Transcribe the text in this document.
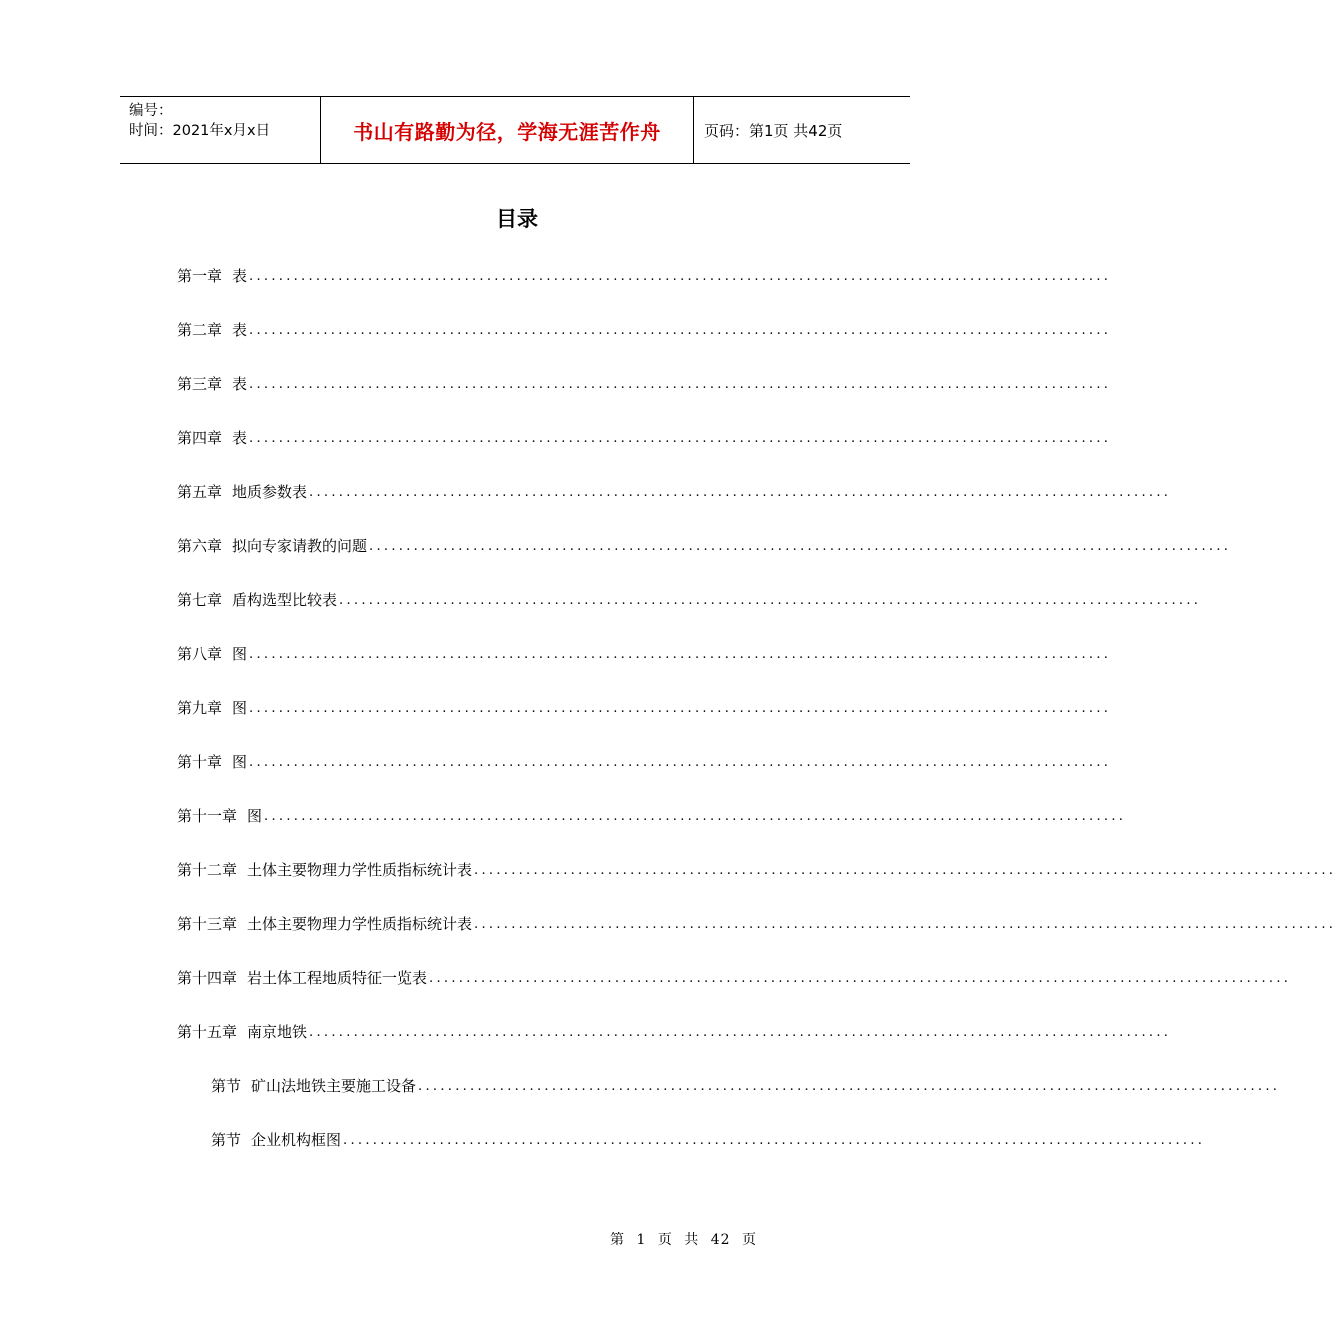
编号：
时间：2021年x月x日	书山有路勤为径，学海无涯苦作舟	页码：第1页 共42页
目录
第一章 表 ....................................................................................................................
第二章 表 ....................................................................................................................
第三章 表 ....................................................................................................................
第四章 表 ....................................................................................................................
第五章 地质参数表 ....................................................................................................................
第六章 拟向专家请教的问题 ....................................................................................................................
第七章 盾构选型比较表 ....................................................................................................................
第八章 图 ....................................................................................................................
第九章 图 ....................................................................................................................
第十章 图 ....................................................................................................................
第十一章 图 ....................................................................................................................
第十二章 土体主要物理力学性质指标统计表 ....................................................................................................................
第十三章 土体主要物理力学性质指标统计表 ....................................................................................................................
第十四章 岩土体工程地质特征一览表 ....................................................................................................................
第十五章 南京地铁 ....................................................................................................................
第节 矿山法地铁主要施工设备 ....................................................................................................................
第节 企业机构框图 ....................................................................................................................
第 1 页 共 42 页
